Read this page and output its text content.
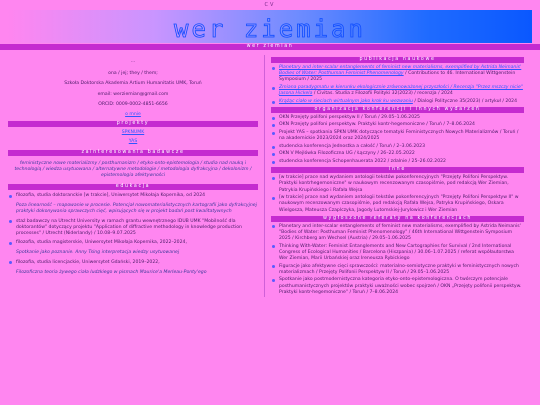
CV
wer ziemian
wer ziemian
...
ona / jej; they / them;
Szkoła Doktorska Akademia Artium Humanitatis UMK, Toruń
email: werziemian@gmail.com
ORCID: 0009-0002-4851-6656
o mnie
projekty
SPKNUMK
YAS
zainteresowania badawcze
feministyczne nowe materializmy / posthumanizm / etyko-onto-epistemologia / studia nad nauką i technologią / wiedza usytuowana / alternatywne metodologie / metodologia dyfrakcyjna / dekolonizm / epistemologia afektywności
edukacja
filozofia, studia doktoranckie [w trakcie], Uniwersytet Mikołaja Kopernika, od 2024
Poza linearność – mapowanie w procesie. Potencjał nowomaterialistycznych kartografii jako dyfrakcyjnej praktyki dokonywania sprawczych cięć, wpisujących się w projekt badań post kwalitatywnych
staż badawczy na Utrecht University w ramach grantu wewnętrznego IDUB UMK "Mobilność dla doktorantów" dotyczący projektu "Application of diffractive methodology in knowledge production processes" / Utrecht (Niderlandy) / 10.08–9.07.2025
filozofia, studia magisterskie, Uniwersytet Mikołaja Kopernika, 2022–2024,
Spotkanie jako poznanie. Anny Tsing interpretacja wiedzy usytuowanej
filozofia, studia licencjackie, Uniwersytet Gdański, 2019–2022,
Filozoficzna teoria żywego ciała ludzkiego w pismach Maurice'a Merleau-Ponty'ego
publikacja naukowe
Planetary and inter-scalar entanglements of feminist new materialisms, exemplified by Astrida Neimanis' Bodies of Water: Posthuman Feminist Phenomenology / Contributions to 46. International Wittgenstein Symposium / 2025
Zmiana paradygmatu w kierunku ekologicznie zrównoważonej przyszłości / Recenzja "Przez mszczy nicie" Jasona Hickela / Civitas. Studia z Filozofii Polityki 32(2023) / recenzja / 2024
Krążąc ciało w sieciach wirtualnym jako krok ku wezwaniu / Dialogi Polityczne 35(2023) / artykuł / 2024
organizacja konferencji i innych wydarzeń
OKN Przejęty polifoni perspektyw II / Toruń / 29.05–1.06.2025
OKN Przejęty polifoni perspektyw. Praktyki kontr-hegemoniczne / Toruń / 7–8.06.2024
Projekt YAS – spotkania SPKN UMK dotyczące tematyki Feministycznych Nowych Materializmów / Toruń / na akademickie 2023/2024 oraz 2024/2025
studencka konferencja Jednostka a całość / Toruń / 2–3.06.2023
OKN V Mejlówka Filozoficzna UG / Łączyny / 26–22.05.2022
studencka konferencja Schopenhauerata 2022 / zdalnie / 25–26.02.2022
inne
[w trakcie] prace nad wydaniem antologii tekstów pokonferencyjnych "Przejęty Polifoni Perspektyw. Praktyki kontrhegemoniczne" w naukowym recenzowanym czasopiśmie, pod redakcją Wer Ziemian, Patrykia Krupińskiego i Rafała Wejsa
[w trakcie] prace nad wydaniem antologii tekstów pokonferencyjnych "Przejęty Polifoni Perspektyw II" w naukowym recenzowanym czasopiśmie, pod redakcją Rafała Wejsa, Patryka Krupińskiego, Oskara Wielgosza, Mateusza Czaplczyka, Jagody Lutomskiej-Jurylowicz i Wer Ziemian
wygłoszone referaty na konferencjach
Planetary and inter-scalar entanglements of feminist new materialisms, exemplified by Astrida Neimanis' "Bodies of Water: Posthuman Feminist Phenomenology" / 46th International Wittgenstein Symposium 2025 / Kirchberg am Wechsel (Austria) / 29.05–1.06.2025
Thinking With-Water: Feminist Entanglements and New Cartographies for Survival / 2nd International Congress of Ecological Humanities / Barcelona (Hiszpania) / 30.06–1.07.2025 / referat współautorstwa Wer Ziemian, Marii Urbańskiej oraz Ireneusza Rybickiego
Figuracje jako afektywne cięci sprawczości: materialno-semiotyczne praktyki w feministycznych nowych materializmach / Przejęty Polifonii Perspektyw II / Toruń / 29.05–1.06.2025
Spotkanie jako postmodernistyczna kategoria etyko-onto-epistemologiczna. O twórczym potencjale posthumanistycznych projektów praktyki uważności wobec spojrzeń / OKN „Przejęty polifonii perspektyw. Praktyki kontr-hegemoniczne" / Toruń / 7–8.06.2024
